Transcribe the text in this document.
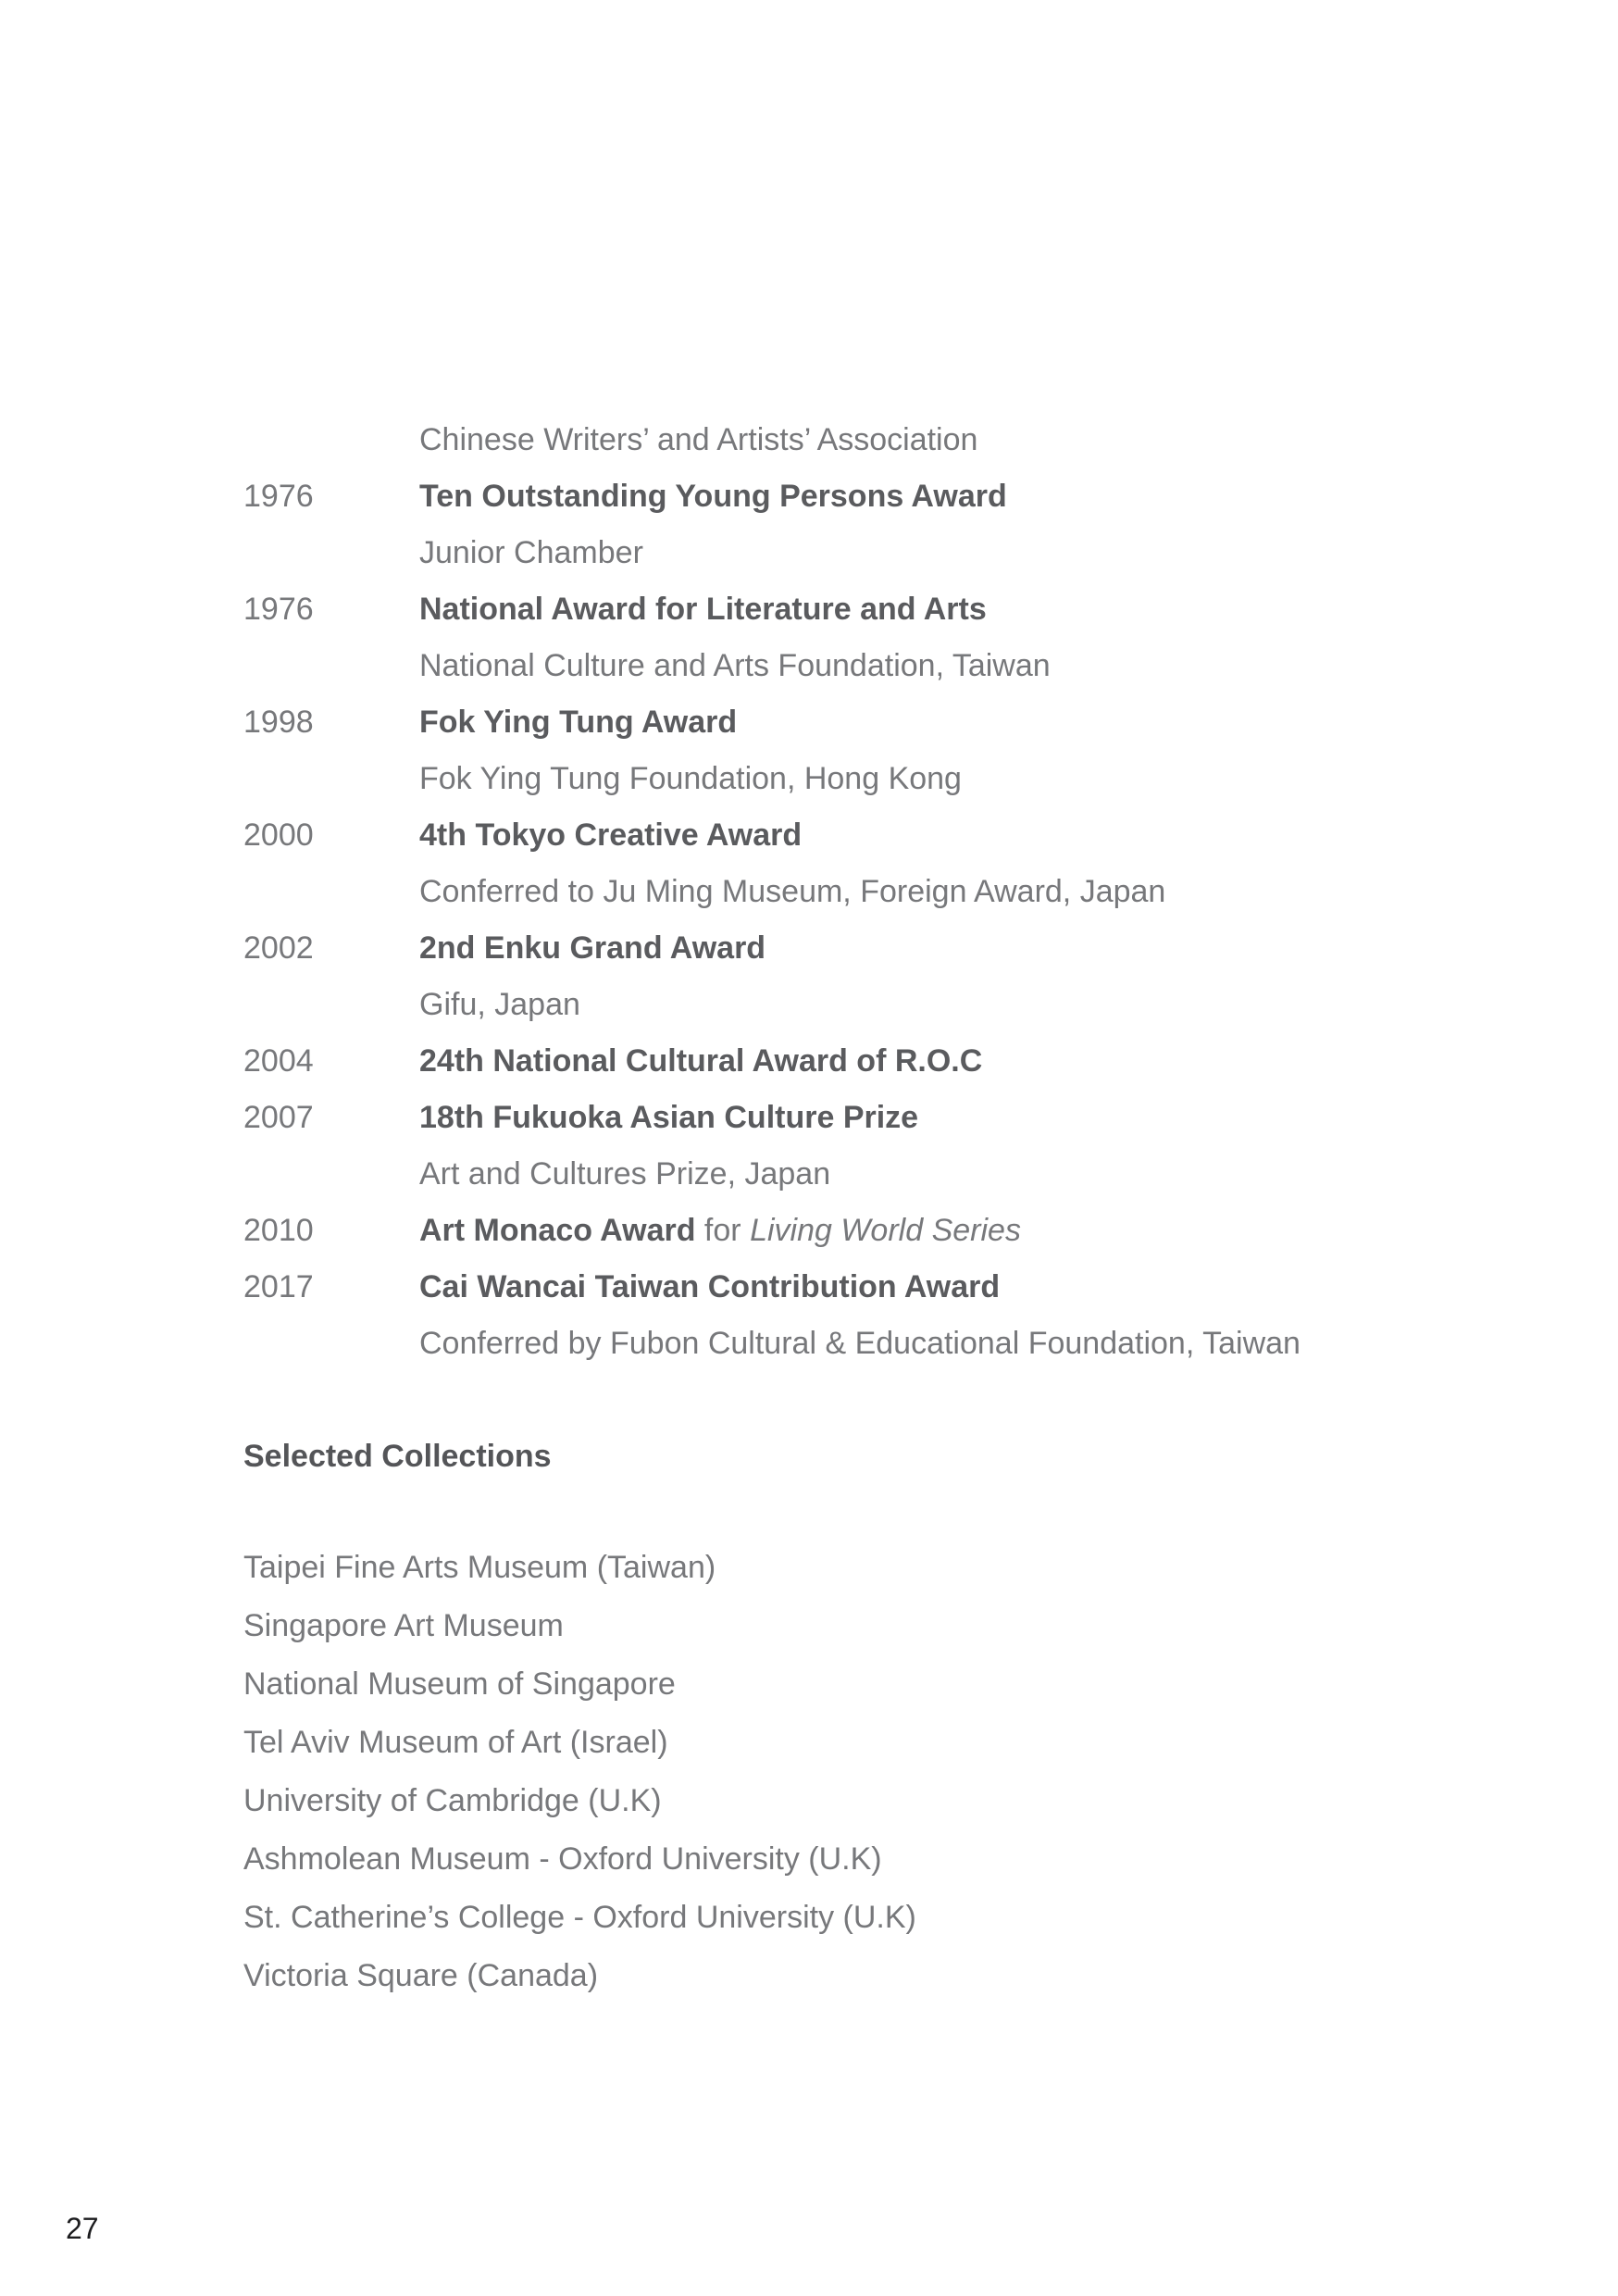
Chinese Writers’ and Artists’ Association
1976	Ten Outstanding Young Persons Award
Junior Chamber
1976	National Award for Literature and Arts
National Culture and Arts Foundation, Taiwan
1998	Fok Ying Tung Award
Fok Ying Tung Foundation, Hong Kong
2000	4th Tokyo Creative Award
Conferred to Ju Ming Museum, Foreign Award, Japan
2002	2nd Enku Grand Award
Gifu, Japan
2004	24th National Cultural Award of R.O.C
2007	18th Fukuoka Asian Culture Prize
Art and Cultures Prize, Japan
2010	Art Monaco Award for Living World Series
2017	Cai Wancai Taiwan Contribution Award
Conferred by Fubon Cultural & Educational Foundation, Taiwan
Selected Collections
Taipei Fine Arts Museum (Taiwan)
Singapore Art Museum
National Museum of Singapore
Tel Aviv Museum of Art (Israel)
University of Cambridge (U.K)
Ashmolean Museum - Oxford University (U.K)
St. Catherine’s College - Oxford University (U.K)
Victoria Square (Canada)
27
